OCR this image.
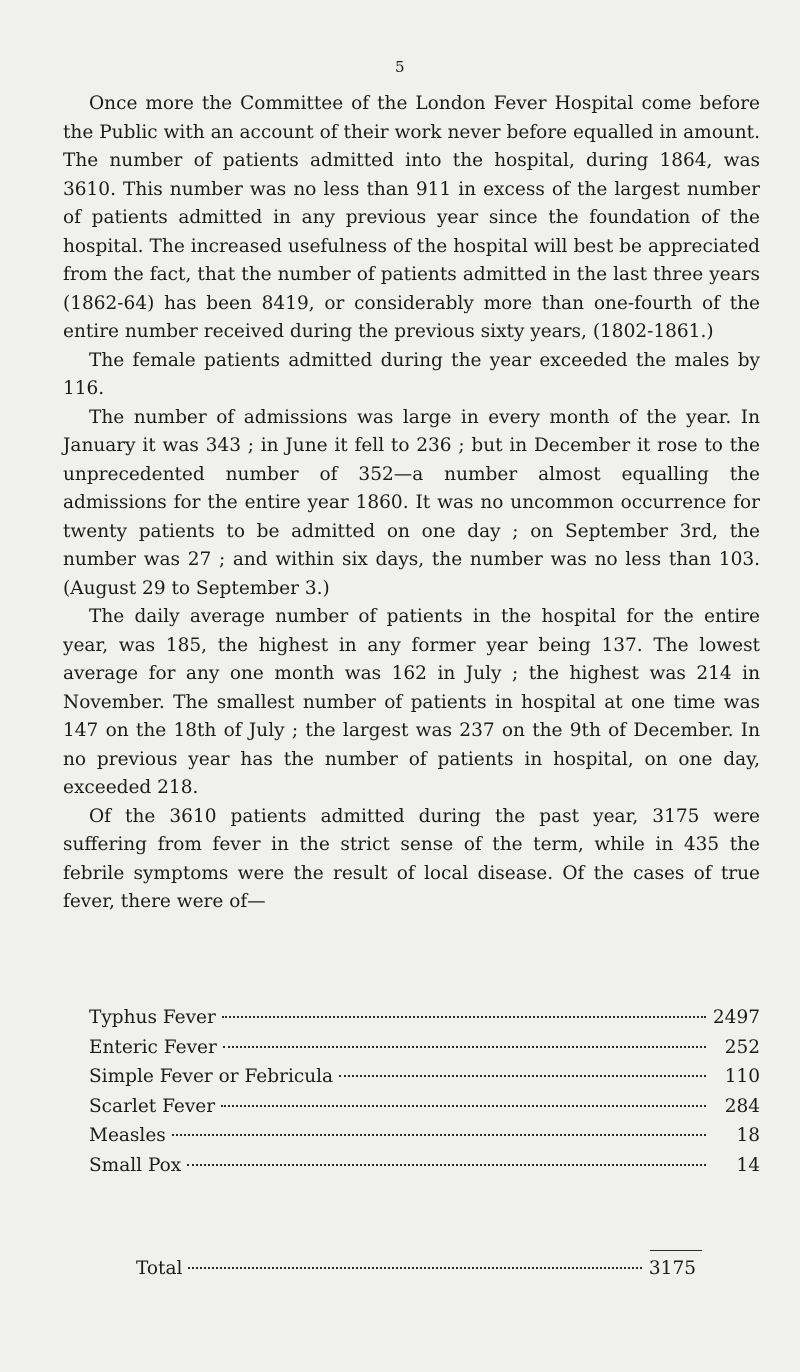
5

Once more the Committee of the London Fever Hospital come before the Public with an account of their work never before equalled in amount. The number of patients admitted into the hospital, during 1864, was 3610. This number was no less than 911 in excess of the largest number of patients admitted in any previous year since the foundation of the hospital. The increased usefulness of the hospital will best be appreciated from the fact, that the number of patients admitted in the last three years (1862-64) has been 8419, or considerably more than one-fourth of the entire number received during the previous sixty years, (1802-1861.)

The female patients admitted during the year exceeded the males by 116.

The number of admissions was large in every month of the year. In January it was 343 ; in June it fell to 236 ; but in December it rose to the unprecedented number of 352—a number almost equalling the admissions for the entire year 1860. It was no uncommon occurrence for twenty patients to be admitted on one day ; on September 3rd, the number was 27 ; and within six days, the number was no less than 103. (August 29 to September 3.)

The daily average number of patients in the hospital for the entire year, was 185, the highest in any former year being 137. The lowest average for any one month was 162 in July ; the highest was 214 in November. The smallest number of patients in hospital at one time was 147 on the 18th of July ; the largest was 237 on the 9th of December. In no previous year has the number of patients in hospital, on one day, exceeded 218.

Of the 3610 patients admitted during the past year, 3175 were suffering from fever in the strict sense of the term, while in 435 the febrile symptoms were the result of local disease. Of the cases of true fever, there were of—

Typhus Fever	2497
Enteric Fever	252
Simple Fever or Febricula	110
Scarlet Fever	284
Measles	18
Small Pox	14
Total	3175
